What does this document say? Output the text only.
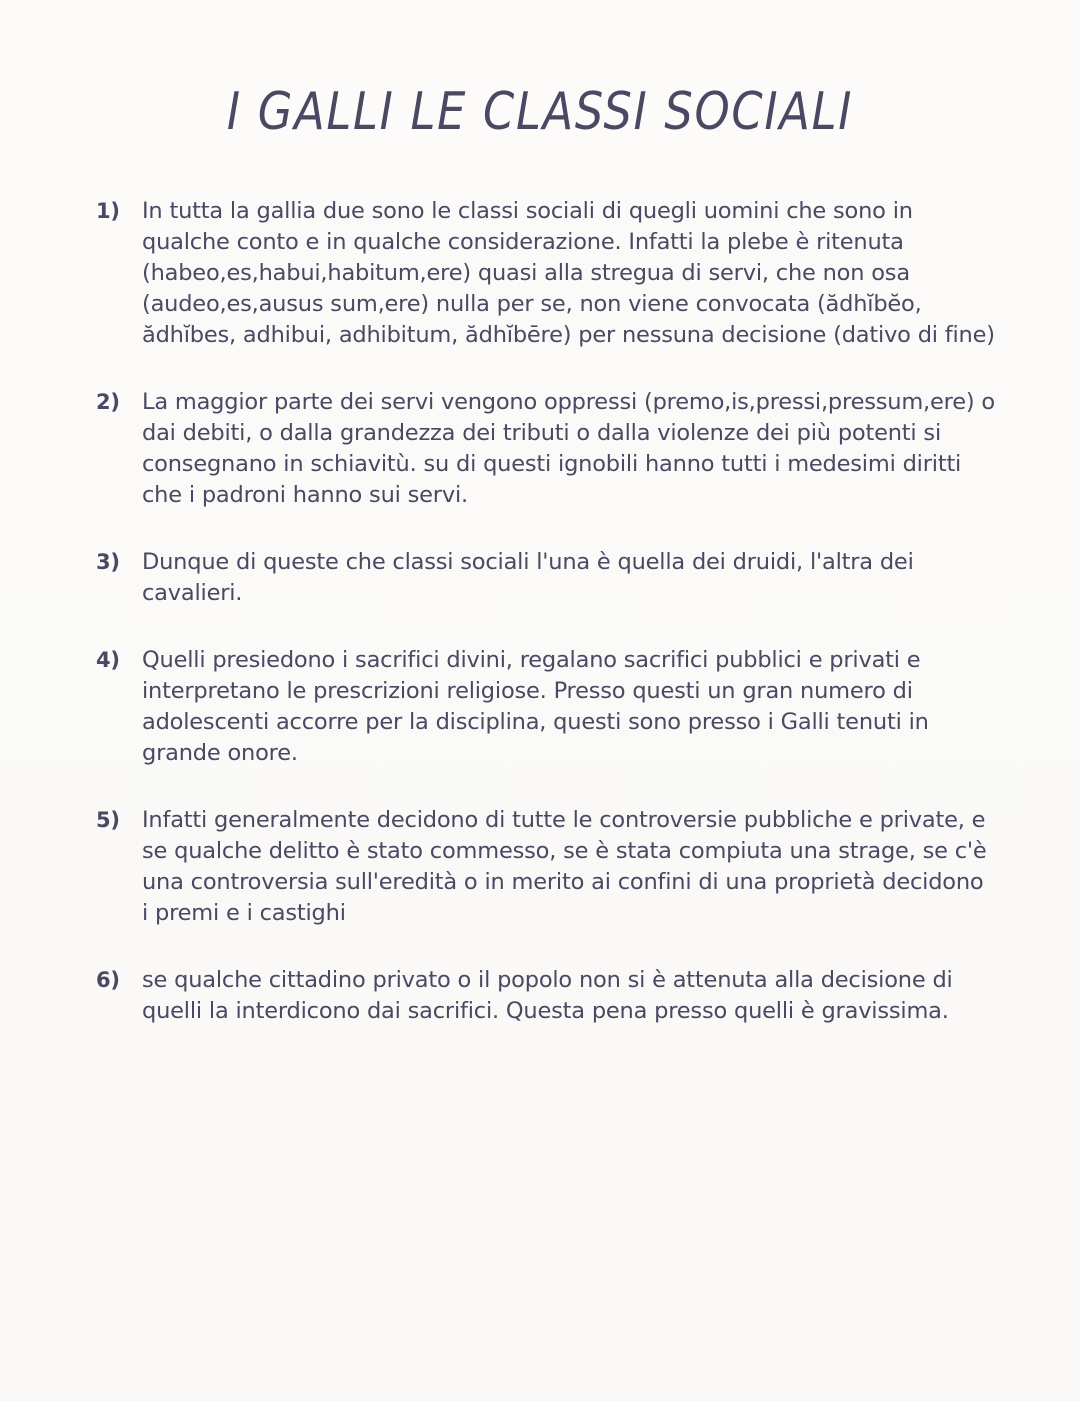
I GALLI LE CLASSI SOCIALI
1) In tutta la gallia due sono le classi sociali di quegli uomini che sono in qualche conto e in qualche considerazione. Infatti la plebe è ritenuta (habeo,es,habui,habitum,ere) quasi alla stregua di servi, che non osa (audeo,es,ausus sum,ere) nulla per se, non viene convocata (ădhĭbĕo, ădhĭbes, adhibui, adhibitum, ădhĭbēre) per nessuna decisione (dativo di fine)
2) La maggior parte dei servi vengono oppressi (premo,is,pressi,pressum,ere) o dai debiti, o dalla grandezza dei tributi o dalla violenze dei più potenti si consegnano in schiavitù. su di questi ignobili hanno tutti i medesimi diritti che i padroni hanno sui servi.
3) Dunque di queste che classi sociali l'una è quella dei druidi, l'altra dei cavalieri.
4) Quelli presiedono i sacrifici divini, regalano sacrifici pubblici e privati e interpretano le prescrizioni religiose. Presso questi un gran numero di adolescenti accorre per la disciplina, questi sono presso i Galli tenuti in grande onore.
5) Infatti generalmente decidono di tutte le controversie pubbliche e private, e se qualche delitto è stato commesso, se è stata compiuta una strage, se c'è una controversia sull'eredità o in merito ai confini di una proprietà decidono i premi e i castighi
6) se qualche cittadino privato o il popolo non si è attenuta alla decisione di quelli la interdicono dai sacrifici. Questa pena presso quelli è gravissima.
